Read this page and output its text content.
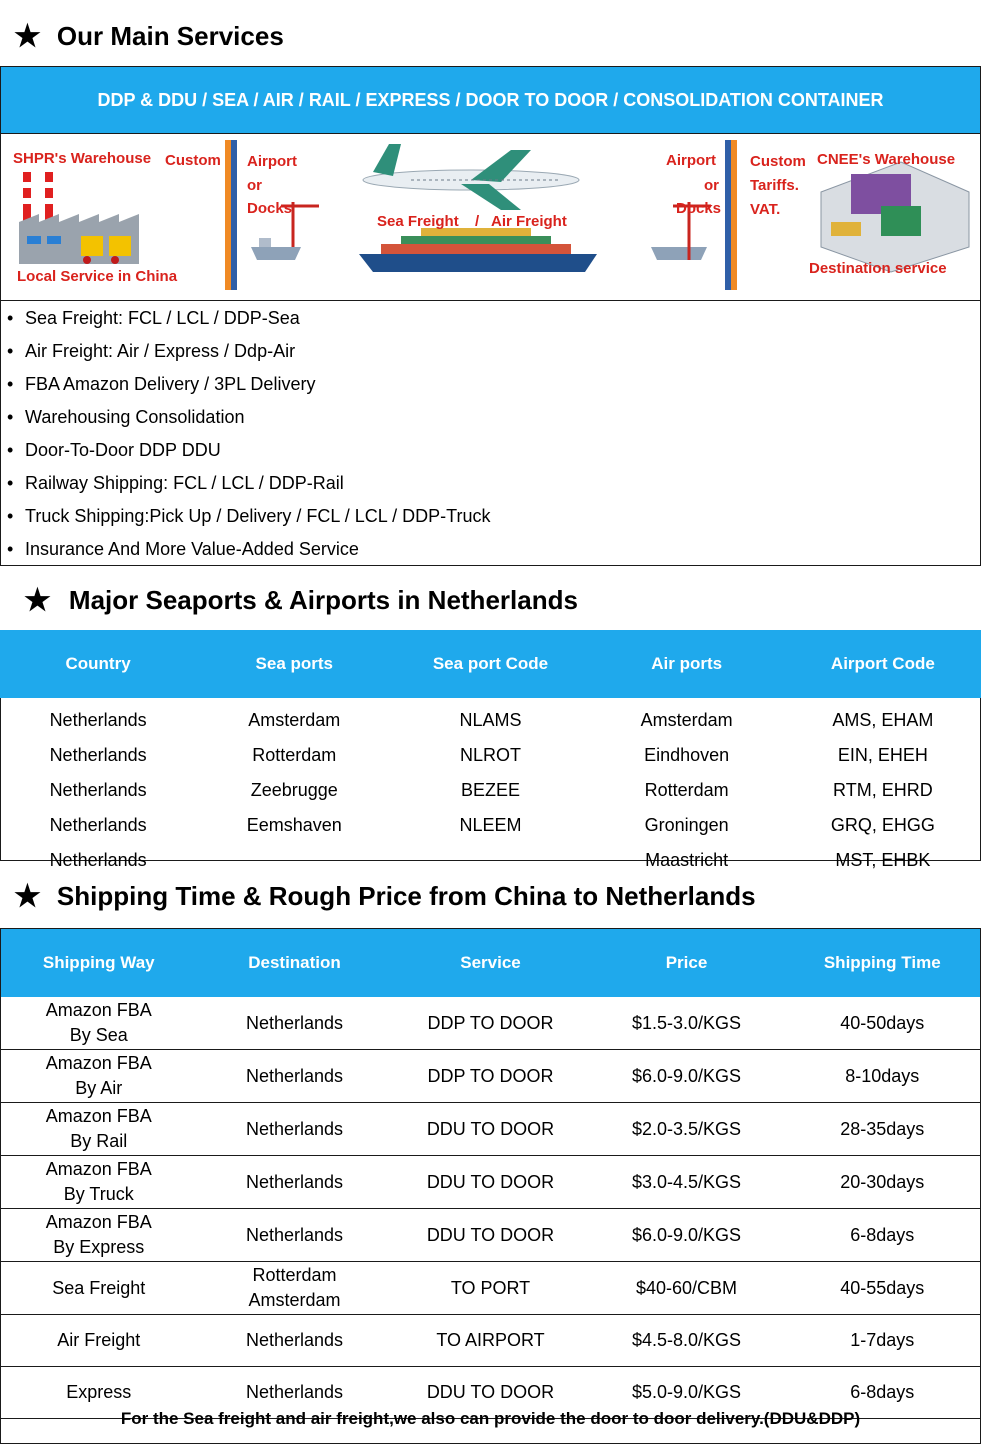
★ Our Main Services
DDP & DDU / SEA / AIR / RAIL / EXPRESS / DOOR TO DOOR / CONSOLIDATION CONTAINER
SHPR's Warehouse Custom Airport
or
Docks
Local Service in China
Sea Freight / Air Freight
Airport
or
Docks
Custom
Tariffs.
VAT.
CNEE's Warehouse
Destination service
• Sea Freight: FCL / LCL / DDP-Sea
• Air Freight: Air / Express / Ddp-Air
• FBA Amazon Delivery / 3PL Delivery
• Warehousing Consolidation
• Door-To-Door DDP DDU
• Railway Shipping: FCL / LCL / DDP-Rail
• Truck Shipping:Pick Up / Delivery / FCL / LCL / DDP-Truck
• Insurance And More Value-Added Service
★ Major Seaports & Airports in Netherlands
Country	Sea ports	Sea port Code	Air ports	Airport Code
Netherlands	Amsterdam	NLAMS	Amsterdam	AMS, EHAM
Netherlands	Rotterdam	NLROT	Eindhoven	EIN, EHEH
Netherlands	Zeebrugge	BEZEE	Rotterdam	RTM, EHRD
Netherlands	Eemshaven	NLEEM	Groningen	GRQ, EHGG
Netherlands			Maastricht	MST, EHBK
★ Shipping Time & Rough Price from China to Netherlands
Shipping Way	Destination	Service	Price	Shipping Time

Amazon FBA
By Sea	Netherlands	DDP TO DOOR	$1.5-3.0/KGS	40-50days

Amazon FBA
By Air	Netherlands	DDP TO DOOR	$6.0-9.0/KGS	8-10days

Amazon FBA
By Rail	Netherlands	DDU TO DOOR	$2.0-3.5/KGS	28-35days

Amazon FBA
By Truck	Netherlands	DDU TO DOOR	$3.0-4.5/KGS	20-30days

Amazon FBA
By Express	Netherlands	DDU TO DOOR	$6.0-9.0/KGS	6-8days

Sea Freight	Rotterdam
Amsterdam	TO PORT	$40-60/CBM	40-55days

Air Freight	Netherlands	TO AIRPORT	$4.5-8.0/KGS	1-7days

Express	Netherlands	DDU TO DOOR	$5.0-9.0/KGS	6-8days
For the Sea freight and air freight,we also can provide the door to door delivery.(DDU&DDP)
